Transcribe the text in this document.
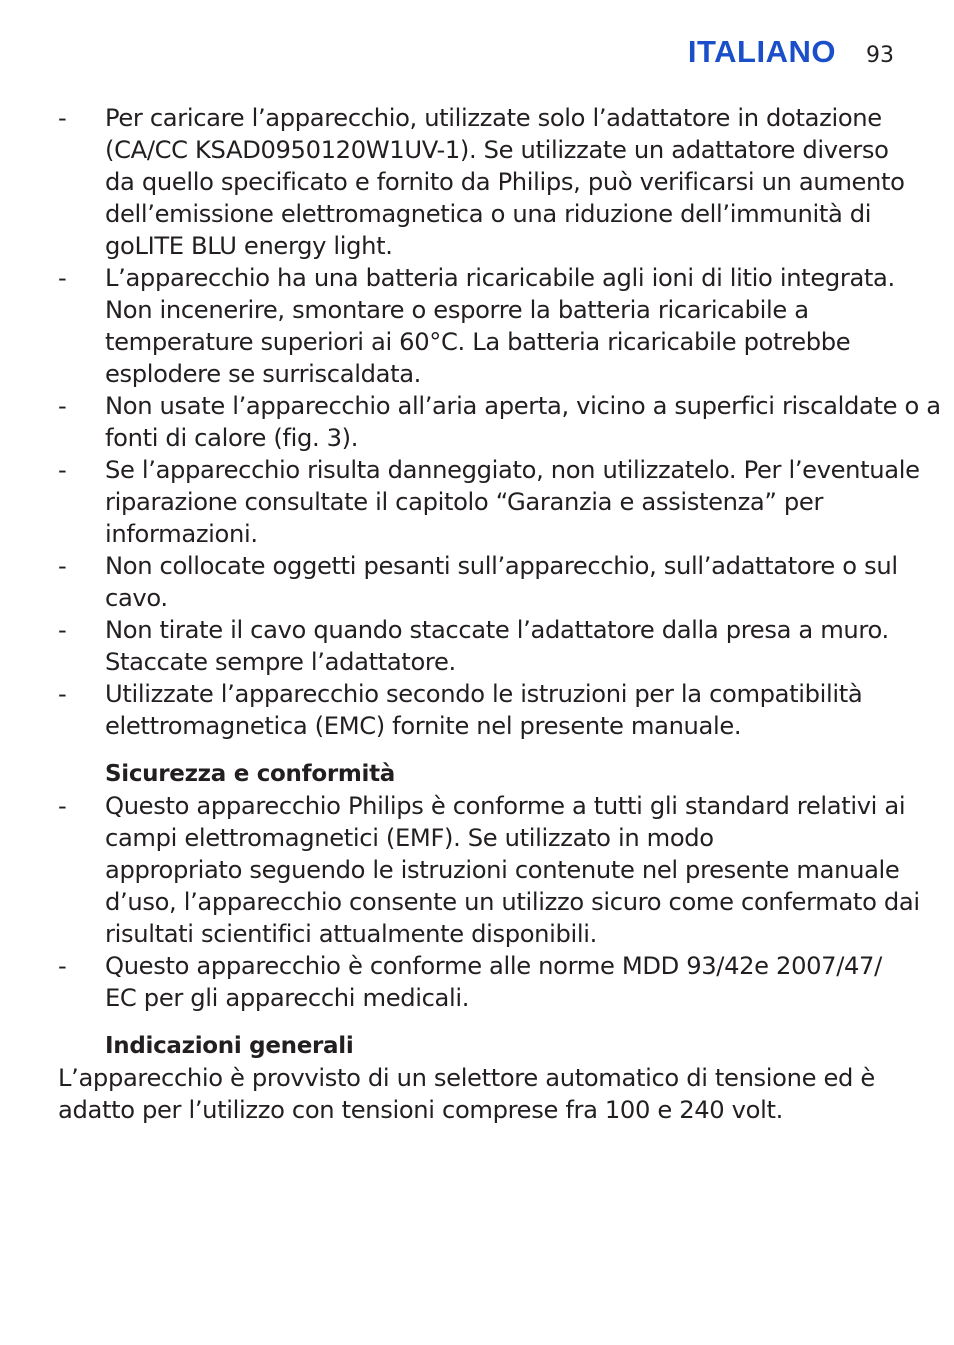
ITALIANO 93
- Per caricare l’apparecchio, utilizzate solo l’adattatore in dotazione
(CA/CC KSAD0950120W1UV-1). Se utilizzate un adattatore diverso
da quello specificato e fornito da Philips, può verificarsi un aumento
dell’emissione elettromagnetica o una riduzione dell’immunità di
goLITE BLU energy light.
- L’apparecchio ha una batteria ricaricabile agli ioni di litio integrata.
Non incenerire, smontare o esporre la batteria ricaricabile a
temperature superiori ai 60°C. La batteria ricaricabile potrebbe
esplodere se surriscaldata.
- Non usate l’apparecchio all’aria aperta, vicino a superfici riscaldate o a
fonti di calore (fig. 3).
- Se l’apparecchio risulta danneggiato, non utilizzatelo. Per l’eventuale
riparazione consultate il capitolo “Garanzia e assistenza” per
informazioni.
- Non collocate oggetti pesanti sull’apparecchio, sull’adattatore o sul
cavo.
- Non tirate il cavo quando staccate l’adattatore dalla presa a muro.
Staccate sempre l’adattatore.
- Utilizzate l’apparecchio secondo le istruzioni per la compatibilità
elettromagnetica (EMC) fornite nel presente manuale.
Sicurezza e conformità
- Questo apparecchio Philips è conforme a tutti gli standard relativi ai
campi elettromagnetici (EMF). Se utilizzato in modo
appropriato seguendo le istruzioni contenute nel presente manuale
d’uso, l’apparecchio consente un utilizzo sicuro come confermato dai
risultati scientifici attualmente disponibili.
- Questo apparecchio è conforme alle norme MDD 93/42e 2007/47/
EC per gli apparecchi medicali.
Indicazioni generali

L’apparecchio è provvisto di un selettore automatico di tensione ed è
adatto per l’utilizzo con tensioni comprese fra 100 e 240 volt.
